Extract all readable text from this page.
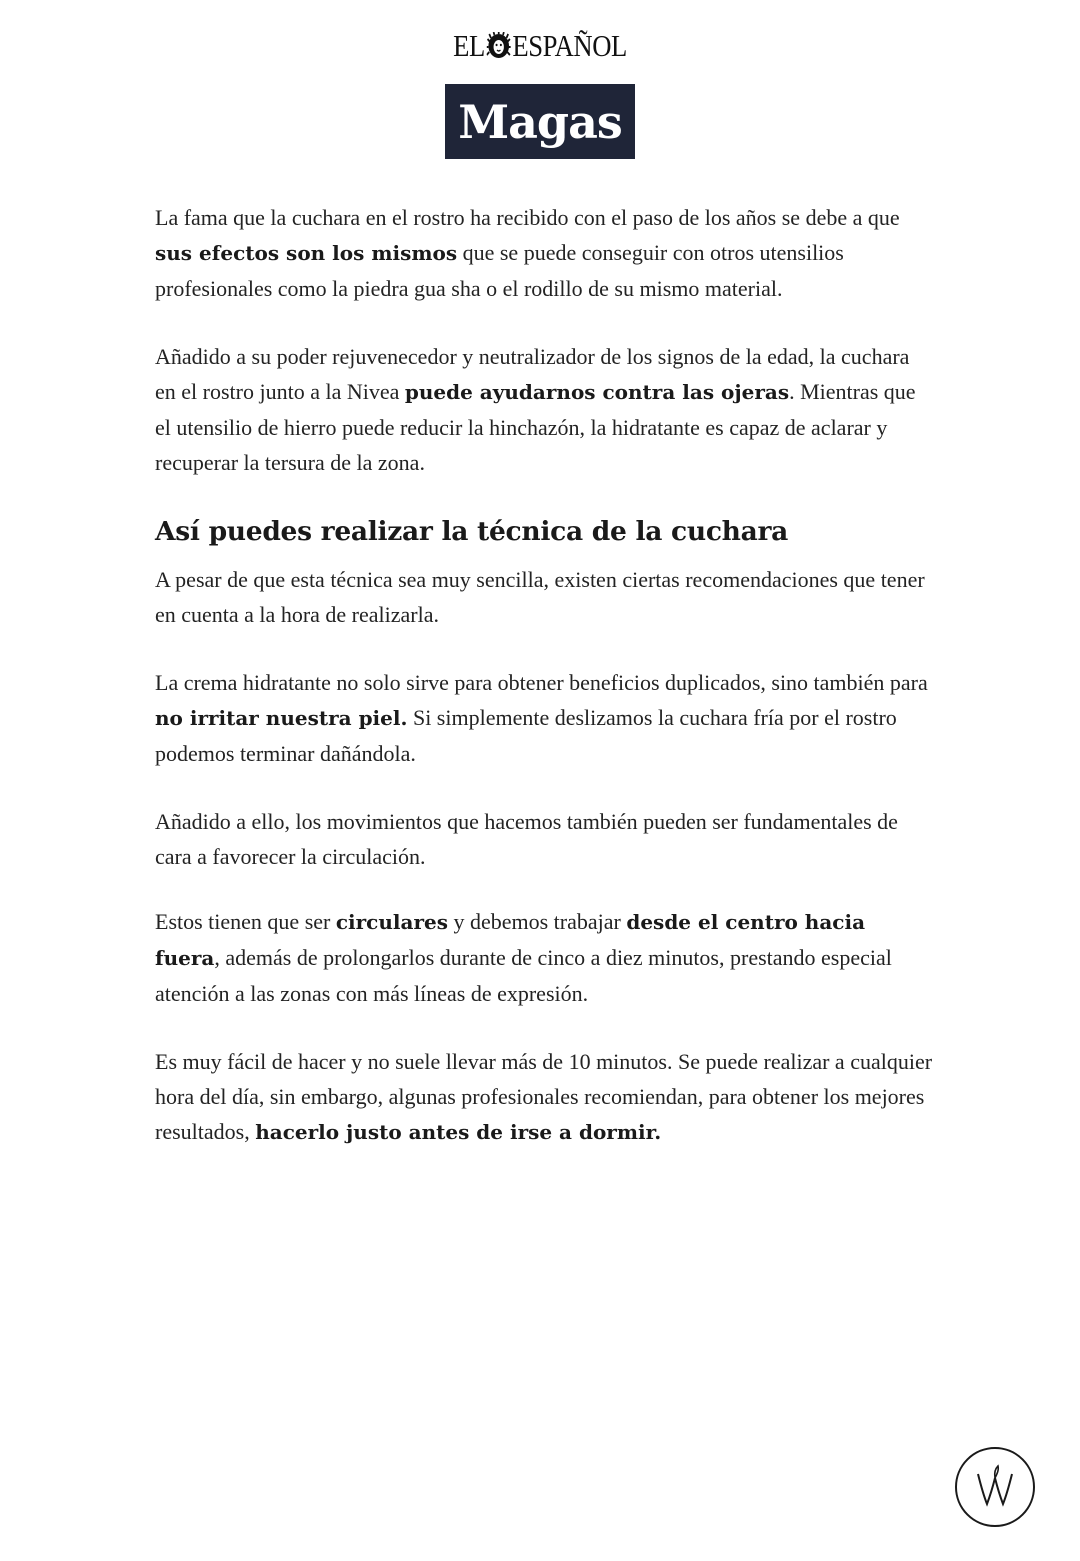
EL ESPAÑOL
Magas

La fama que la cuchara en el rostro ha recibido con el paso de los años se debe a que sus efectos son los mismos que se puede conseguir con otros utensilios profesionales como la piedra gua sha o el rodillo de su mismo material.

Añadido a su poder rejuvenecedor y neutralizador de los signos de la edad, la cuchara en el rostro junto a la Nivea puede ayudarnos contra las ojeras. Mientras que el utensilio de hierro puede reducir la hinchazón, la hidratante es capaz de aclarar y recuperar la tersura de la zona.

Así puedes realizar la técnica de la cuchara

A pesar de que esta técnica sea muy sencilla, existen ciertas recomendaciones que tener en cuenta a la hora de realizarla.

La crema hidratante no solo sirve para obtener beneficios duplicados, sino también para no irritar nuestra piel. Si simplemente deslizamos la cuchara fría por el rostro podemos terminar dañándola.

Añadido a ello, los movimientos que hacemos también pueden ser fundamentales de cara a favorecer la circulación.

Estos tienen que ser circulares y debemos trabajar desde el centro hacia fuera, además de prolongarlos durante de cinco a diez minutos, prestando especial atención a las zonas con más líneas de expresión.

Es muy fácil de hacer y no suele llevar más de 10 minutos. Se puede realizar a cualquier hora del día, sin embargo, algunas profesionales recomiendan, para obtener los mejores resultados, hacerlo justo antes de irse a dormir.
